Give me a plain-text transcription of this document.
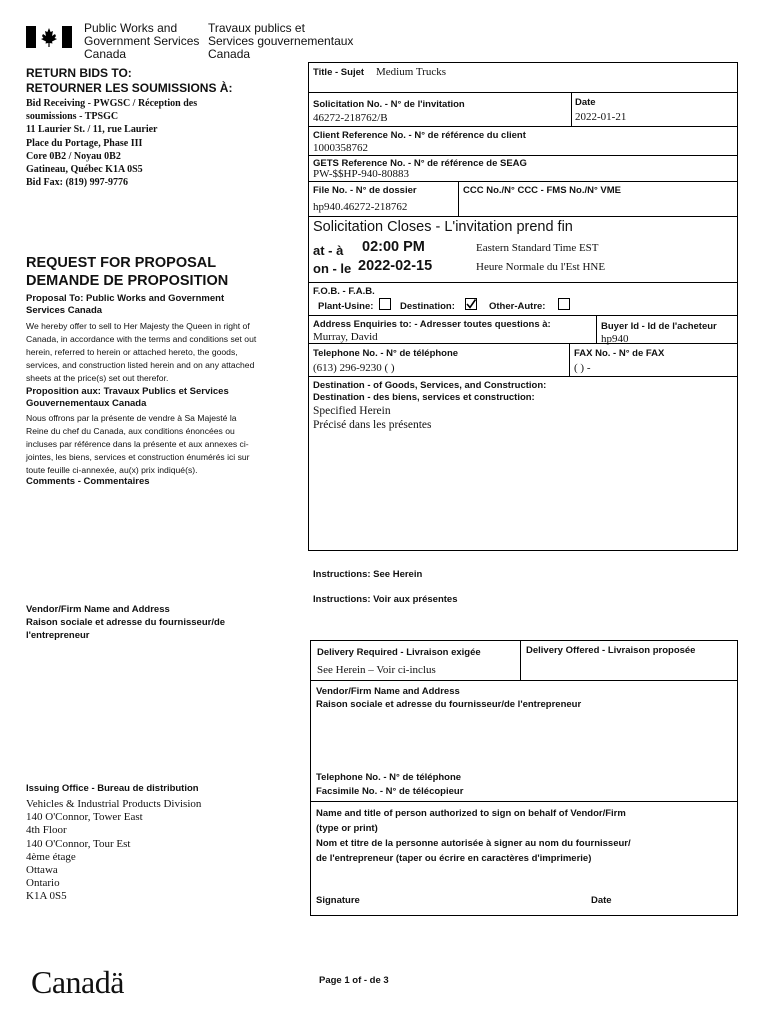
Public Works and
Government Services
Canada
Travaux publics et
Services gouvernementaux
Canada
RETURN BIDS TO:
RETOURNER LES SOUMISSIONS À:
Bid Receiving - PWGSC / Réception des
soumissions - TPSGC
11 Laurier St. / 11, rue Laurier
Place du Portage, Phase III
Core 0B2 / Noyau 0B2
Gatineau, Québec K1A 0S5
Bid Fax: (819) 997-9776
REQUEST FOR PROPOSAL
DEMANDE DE PROPOSITION
Proposal To: Public Works and Government Services Canada
We hereby offer to sell to Her Majesty the Queen in right of Canada, in accordance with the terms and conditions set out herein, referred to herein or attached hereto, the goods, services, and construction listed herein and on any attached sheets at the price(s) set out therefor.
Proposition aux: Travaux Publics et Services Gouvernementaux Canada
Nous offrons par la présente de vendre à Sa Majesté la Reine du chef du Canada, aux conditions énoncées ou incluses par référence dans la présente et aux annexes ci-jointes, les biens, services et construction énumérés ici sur toute feuille ci-annexée, au(x) prix indiqué(s).
Comments - Commentaires
Vendor/Firm Name and Address
Raison sociale et adresse du fournisseur/de l'entrepreneur
Issuing Office - Bureau de distribution
Vehicles & Industrial Products Division
140 O'Connor, Tower East
4th Floor
140 O'Connor, Tour Est
4ème étage
Ottawa
Ontario
K1A 0S5
Title - Sujet Medium Trucks
Solicitation No. - N° de l'invitation
46272-218762/B
Date
2022-01-21
Client Reference No. - N° de référence du client
1000358762
GETS Reference No. - N° de référence de SEAG
PW-$$HP-940-80883
File No. - N° de dossier
hp940.46272-218762
CCC No./N° CCC - FMS No./N° VME
Solicitation Closes - L'invitation prend fin
at - à 02:00 PM
on - le 2022-02-15
Eastern Standard Time EST
Heure Normale du l'Est HNE
F.O.B. - F.A.B.
Plant-Usine:	Destination:	Other-Autre:
Address Enquiries to: - Adresser toutes questions à:
Murray, David
Buyer Id - Id de l'acheteur
hp940
Telephone No. - N° de téléphone
(613) 296-9230 ( )
FAX No. - N° de FAX
( ) -
Destination - of Goods, Services, and Construction:
Destination - des biens, services et construction:
Specified Herein
Précisé dans les présentes
Instructions: See Herein
Instructions: Voir aux présentes
Delivery Required - Livraison exigée
See Herein – Voir ci-inclus
Delivery Offered - Livraison proposée
Vendor/Firm Name and Address
Raison sociale et adresse du fournisseur/de l'entrepreneur
Telephone No. - N° de téléphone
Facsimile No. - N° de télécopieur
Name and title of person authorized to sign on behalf of Vendor/Firm
(type or print)
Nom et titre de la personne autorisée à signer au nom du fournisseur/
de l'entrepreneur (taper ou écrire en caractères d'imprimerie)
Signature	Date
Canadä	Page 1 of - de 3
